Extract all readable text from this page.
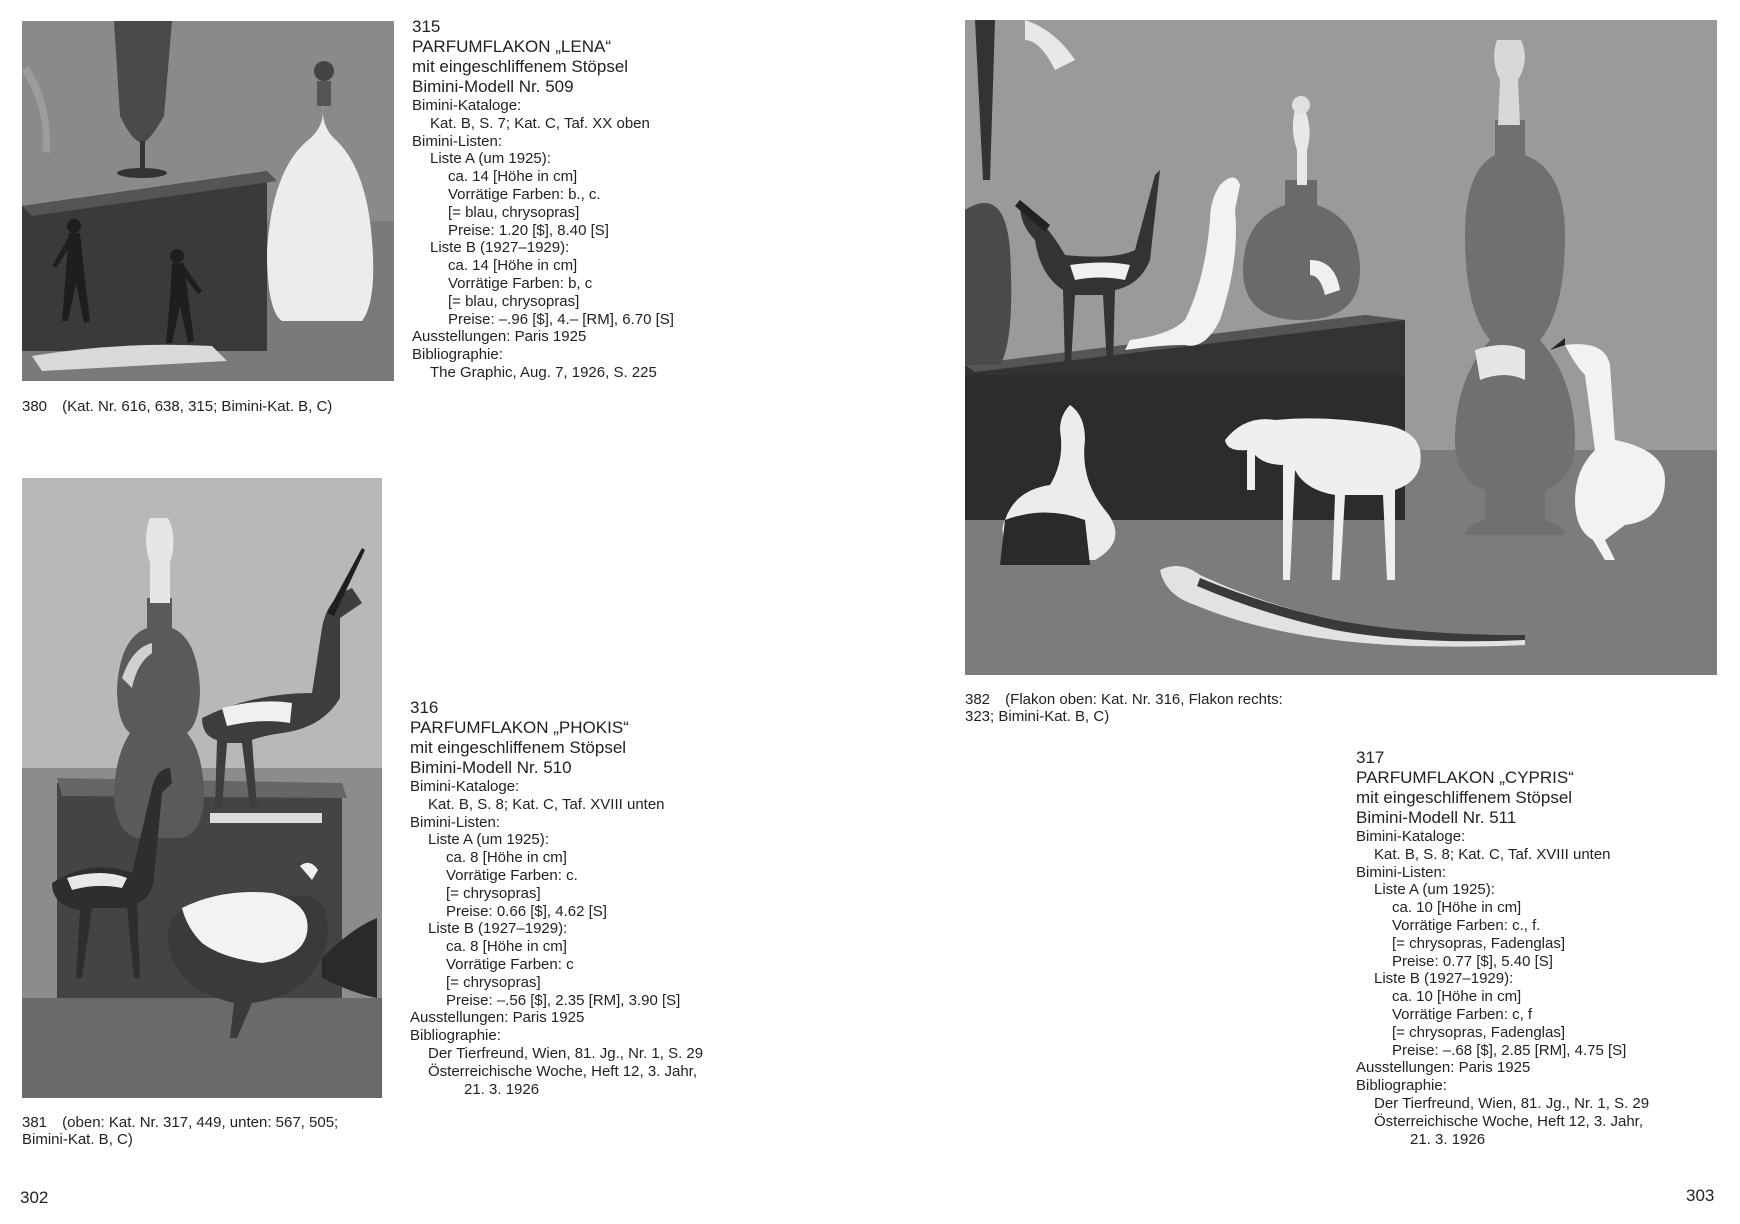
380 (Kat. Nr. 616, 638, 315; Bimini-Kat. B, C)
381 (oben: Kat. Nr. 317, 449, unten: 567, 505; Bimini-Kat. B, C)
382 (Flakon oben: Kat. Nr. 316, Flakon rechts: 323; Bimini-Kat. B, C)
315
PARFUMFLAKON „LENA“
mit eingeschliffenem Stöpsel
Bimini-Modell Nr. 509
Bimini-Kataloge:
Kat. B, S. 7; Kat. C, Taf. XX oben
Bimini-Listen:
Liste A (um 1925):
ca. 14 [Höhe in cm]
Vorrätige Farben: b., c.
[= blau, chrysopras]
Preise: 1.20 [$], 8.40 [S]
Liste B (1927–1929):
ca. 14 [Höhe in cm]
Vorrätige Farben: b, c
[= blau, chrysopras]
Preise: –.96 [$], 4.– [RM], 6.70 [S]
Ausstellungen: Paris 1925
Bibliographie:
The Graphic, Aug. 7, 1926, S. 225
316
PARFUMFLAKON „PHOKIS“
mit eingeschliffenem Stöpsel
Bimini-Modell Nr. 510
Bimini-Kataloge:
Kat. B, S. 8; Kat. C, Taf. XVIII unten
Bimini-Listen:
Liste A (um 1925):
ca. 8 [Höhe in cm]
Vorrätige Farben: c.
[= chrysopras]
Preise: 0.66 [$], 4.62 [S]
Liste B (1927–1929):
ca. 8 [Höhe in cm]
Vorrätige Farben: c
[= chrysopras]
Preise: –.56 [$], 2.35 [RM], 3.90 [S]
Ausstellungen: Paris 1925
Bibliographie:
Der Tierfreund, Wien, 81. Jg., Nr. 1, S. 29
Österreichische Woche, Heft 12, 3. Jahr,
21. 3. 1926
317
PARFUMFLAKON „CYPRIS“
mit eingeschliffenem Stöpsel
Bimini-Modell Nr. 511
Bimini-Kataloge:
Kat. B, S. 8; Kat. C, Taf. XVIII unten
Bimini-Listen:
Liste A (um 1925):
ca. 10 [Höhe in cm]
Vorrätige Farben: c., f.
[= chrysopras, Fadenglas]
Preise: 0.77 [$], 5.40 [S]
Liste B (1927–1929):
ca. 10 [Höhe in cm]
Vorrätige Farben: c, f
[= chrysopras, Fadenglas]
Preise: –.68 [$], 2.85 [RM], 4.75 [S]
Ausstellungen: Paris 1925
Bibliographie:
Der Tierfreund, Wien, 81. Jg., Nr. 1, S. 29
Österreichische Woche, Heft 12, 3. Jahr,
21. 3. 1926
302	303
